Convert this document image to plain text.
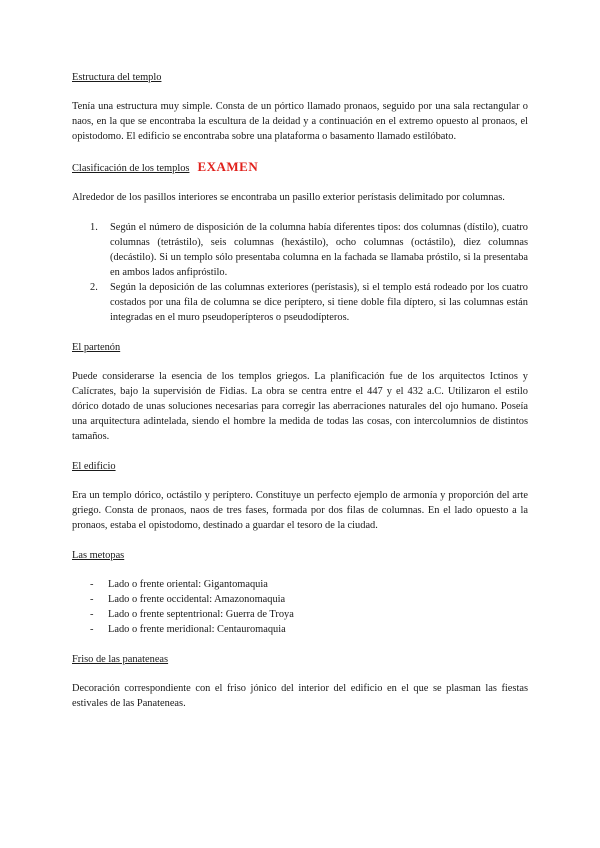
Estructura del templo

Tenía una estructura muy simple. Consta de un pórtico llamado pronaos, seguido por una sala rectangular o naos, en la que se encontraba la escultura de la deidad y a continuación en el extremo opuesto al pronaos, el opistodomo. El edificio se encontraba sobre una plataforma o basamento llamado estilóbato.

Clasificación de los templos EXAMEN

Alrededor de los pasillos interiores se encontraba un pasillo exterior perístasis delimitado por columnas.

1. Según el número de disposición de la columna había diferentes tipos: dos columnas (dístilo), cuatro columnas (tetrástilo), seis columnas (hexástilo), ocho columnas (octástilo), diez columnas (decástilo). Si un templo sólo presentaba columna en la fachada se llamaba próstilo, si la presentaba en ambos lados anfipróstilo.
2. Según la deposición de las columnas exteriores (perístasis), si el templo está rodeado por los cuatro costados por una fila de columna se dice períptero, si tiene doble fila díptero, si las columnas están integradas en el muro pseudoperípteros o pseudodípteros.

El partenón

Puede considerarse la esencia de los templos griegos. La planificación fue de los arquitectos Ictinos y Calícrates, bajo la supervisión de Fidias. La obra se centra entre el 447 y el 432 a.C. Utilizaron el estilo dórico dotado de unas soluciones necesarias para corregir las aberraciones naturales del ojo humano. Poseía una arquitectura adintelada, siendo el hombre la medida de todas las cosas, con intercolumnios de distintos tamaños.

El edificio

Era un templo dórico, octástilo y períptero. Constituye un perfecto ejemplo de armonía y proporción del arte griego. Consta de pronaos, naos de tres fases, formada por dos filas de columnas. En el lado opuesto a la pronaos, estaba el opistodomo, destinado a guardar el tesoro de la ciudad.

Las metopas

- Lado o frente oriental: Gigantomaquia
- Lado o frente occidental: Amazonomaquia
- Lado o frente septentrional: Guerra de Troya
- Lado o frente meridional: Centauromaquia

Friso de las panateneas

Decoración correspondiente con el friso jónico del interior del edificio en el que se plasman las fiestas estivales de las Panateneas.
